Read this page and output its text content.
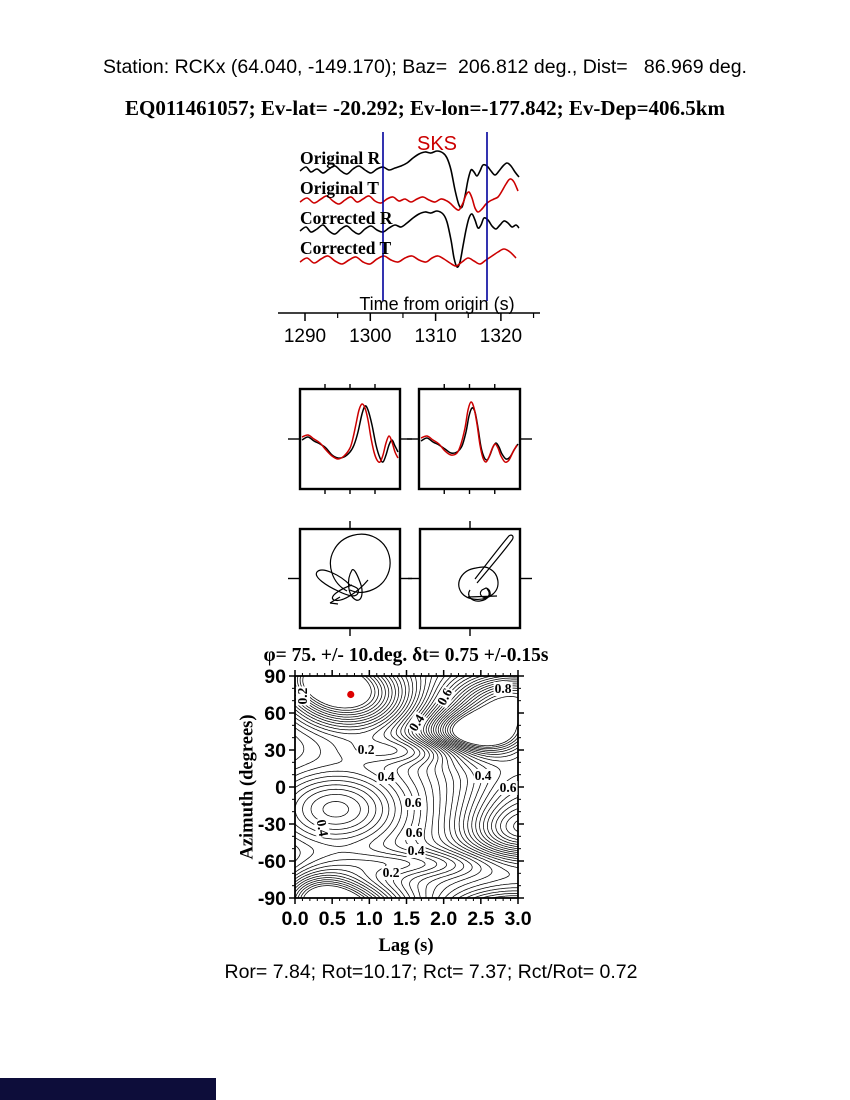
1290 1300 1310 1320
0.0 0.5 1.0 1.5 2.0 2.5 3.0
90
60
30
0
-30
-60
-90
Station: RCKx (64.040, -149.170); Baz=  206.812 deg., Dist=   86.969 deg.
EQ011461057; Ev-lat= -20.292; Ev-lon=-177.842; Ev-Dep=406.5km
SKS
Original R
Original T
Corrected R
Corrected T
Time from origin (s)
φ= 75. +/- 10.deg. δt= 0.75 +/-0.15s
Azimuth (degrees)
Lag (s)
0.2	0.6	0.8
0.4
0.2
0.4	0.4
0.6
0.6
0.4	0.6
0.4
0.2
Ror= 7.84; Rot=10.17; Rct= 7.37; Rct/Rot= 0.72
